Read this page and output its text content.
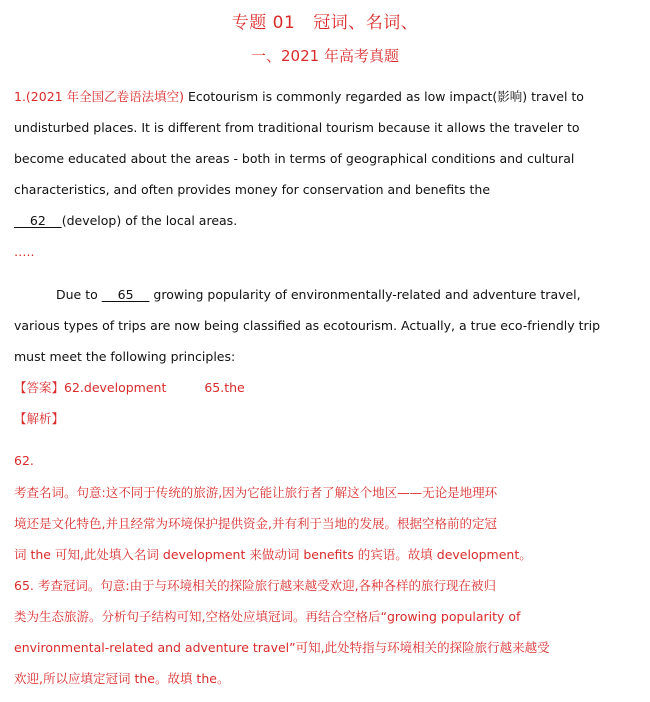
专题 01 冠词、名词、
一、2021 年高考真题
1.(2021 年全国乙卷语法填空) Ecotourism is commonly regarded as low impact(影响) travel to
undisturbed places. It is different from traditional tourism because it allows the traveler to
become educated about the areas - both in terms of geographical conditions and cultural
characteristics, and often provides money for conservation and benefits the
62    (develop) of the local areas.
…..
Due to     65     growing popularity of environmentally-related and adventure travel,
various types of trips are now being classified as ecotourism. Actually, a true eco-friendly trip
must meet the following principles:
【答案】62.development	65.the
【解析】
62.
考查名词。句意:这不同于传统的旅游,因为它能让旅行者了解这个地区——无论是地理环
境还是文化特色,并且经常为环境保护提供资金,并有利于当地的发展。根据空格前的定冠
词 the 可知,此处填入名词 development 来做动词 benefits 的宾语。故填 development。
65. 考查冠词。句意:由于与环境相关的探险旅行越来越受欢迎,各种各样的旅行现在被归
类为生态旅游。分析句子结构可知,空格处应填冠词。再结合空格后“growing popularity of
environmental-related and adventure travel”可知,此处特指与环境相关的探险旅行越来越受
欢迎,所以应填定冠词 the。故填 the。
